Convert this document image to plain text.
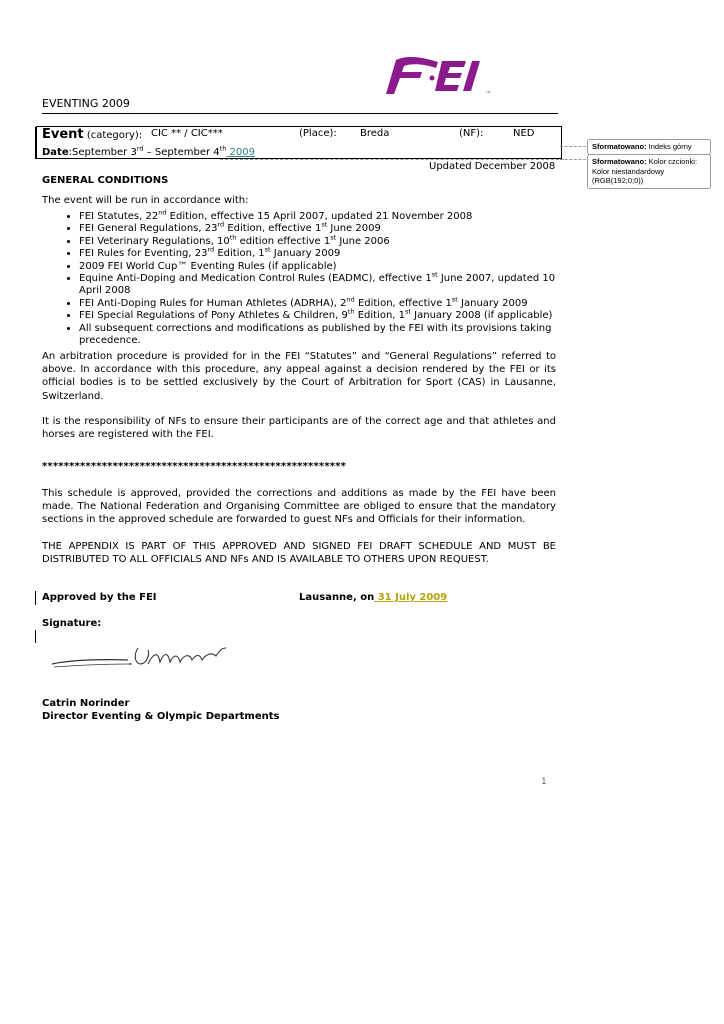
TM
EVENTING 2009
Event (category): CIC ** / CIC***	(Place): Breda	(NF):	NED
Date:September 3rd – September 4th 2009
Updated December 2008
GENERAL CONDITIONS
The event will be run in accordance with:
• FEI Statutes, 22nd Edition, effective 15 April 2007, updated 21 November 2008
• FEI General Regulations, 23rd Edition, effective 1st June 2009
• FEI Veterinary Regulations, 10th edition effective 1st June 2006
• FEI Rules for Eventing, 23rd Edition, 1st January 2009
• 2009 FEI World Cup™ Eventing Rules (if applicable)
• Equine Anti-Doping and Medication Control Rules (EADMC), effective 1st June 2007, updated 10 April 2008
• FEI Anti-Doping Rules for Human Athletes (ADRHA), 2nd Edition, effective 1st January 2009
• FEI Special Regulations of Pony Athletes & Children, 9th Edition, 1st January 2008 (if applicable)
• All subsequent corrections and modifications as published by the FEI with its provisions taking precedence.
An arbitration procedure is provided for in the FEI “Statutes” and “General Regulations” referred to above. In accordance with this procedure, any appeal against a decision rendered by the FEI or its official bodies is to be settled exclusively by the Court of Arbitration for Sport (CAS) in Lausanne, Switzerland.
It is the responsibility of NFs to ensure their participants are of the correct age and that athletes and horses are registered with the FEI.
********************************************************
This schedule is approved, provided the corrections and additions as made by the FEI have been made. The National Federation and Organising Committee are obliged to ensure that the mandatory sections in the approved schedule are forwarded to guest NFs and Officials for their information.
THE APPENDIX IS PART OF THIS APPROVED AND SIGNED FEI DRAFT SCHEDULE AND MUST BE DISTRIBUTED TO ALL OFFICIALS AND NFs AND IS AVAILABLE TO OTHERS UPON REQUEST.
Approved by the FEI	Lausanne, on 31 July 2009
Signature:
Catrin Norinder
Director Eventing & Olympic Departments
1
Sformatowano: Indeks górny
Sformatowano: Kolor czcionki: Kolor niestandardowy (RGB(192;0;0))
